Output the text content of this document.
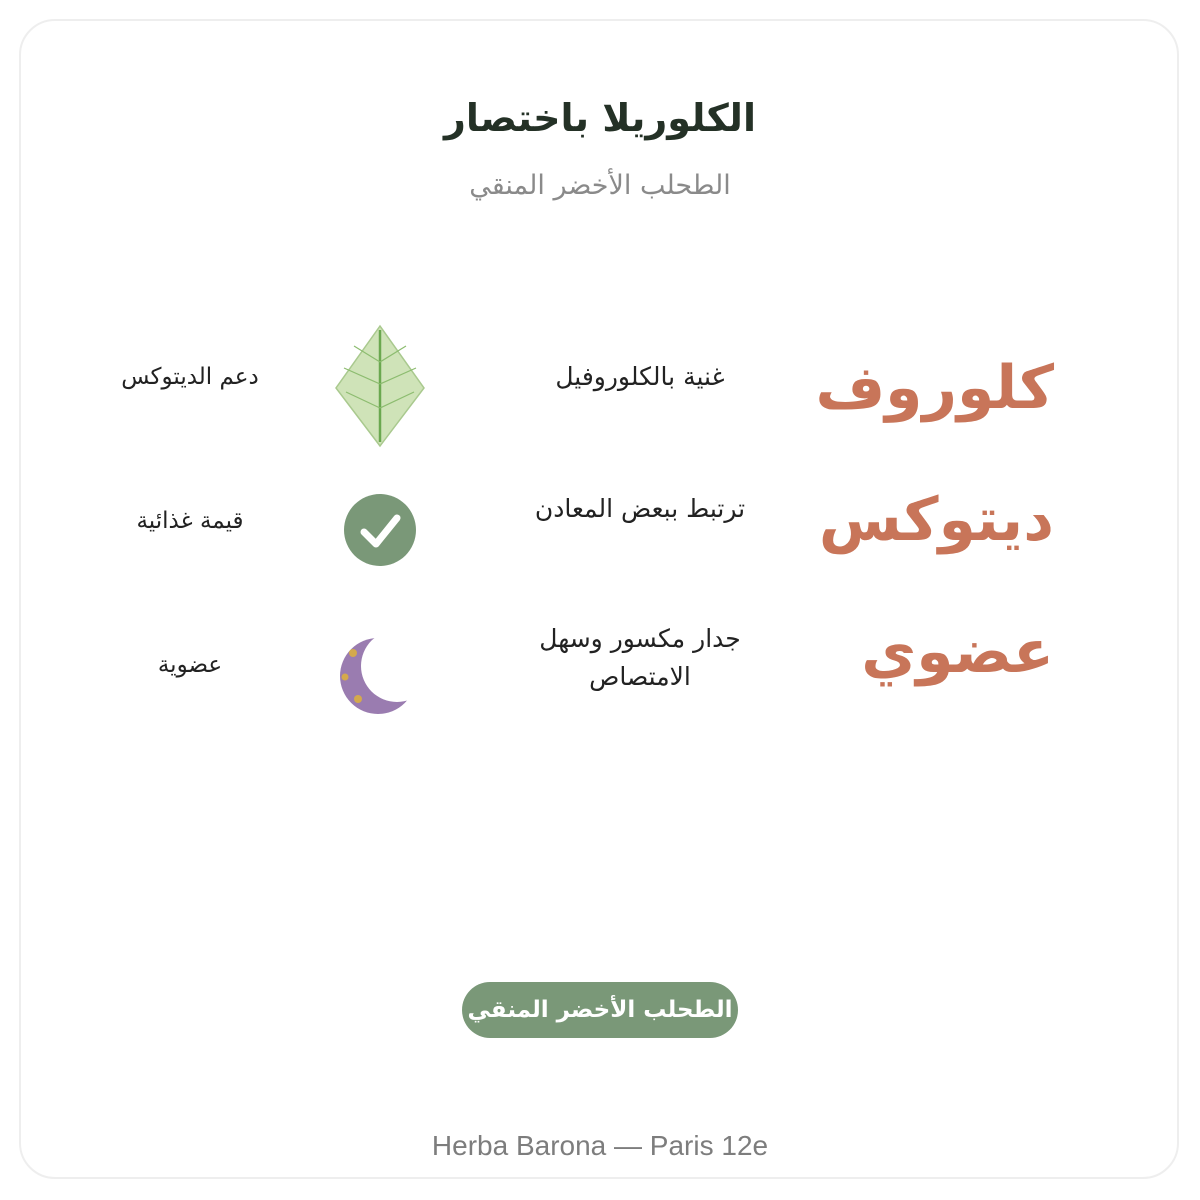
الكلوريلا باختصار
الطحلب الأخضر المنقي
كلوروف
غنية بالكلوروفيل
دعم الديتوكس
ديتوكس
ترتبط ببعض المعادن
قيمة غذائية
عضوي
جدار مكسور وسهل الامتصاص
عضوية
الطحلب الأخضر المنقي
Herba Barona — Paris 12e
